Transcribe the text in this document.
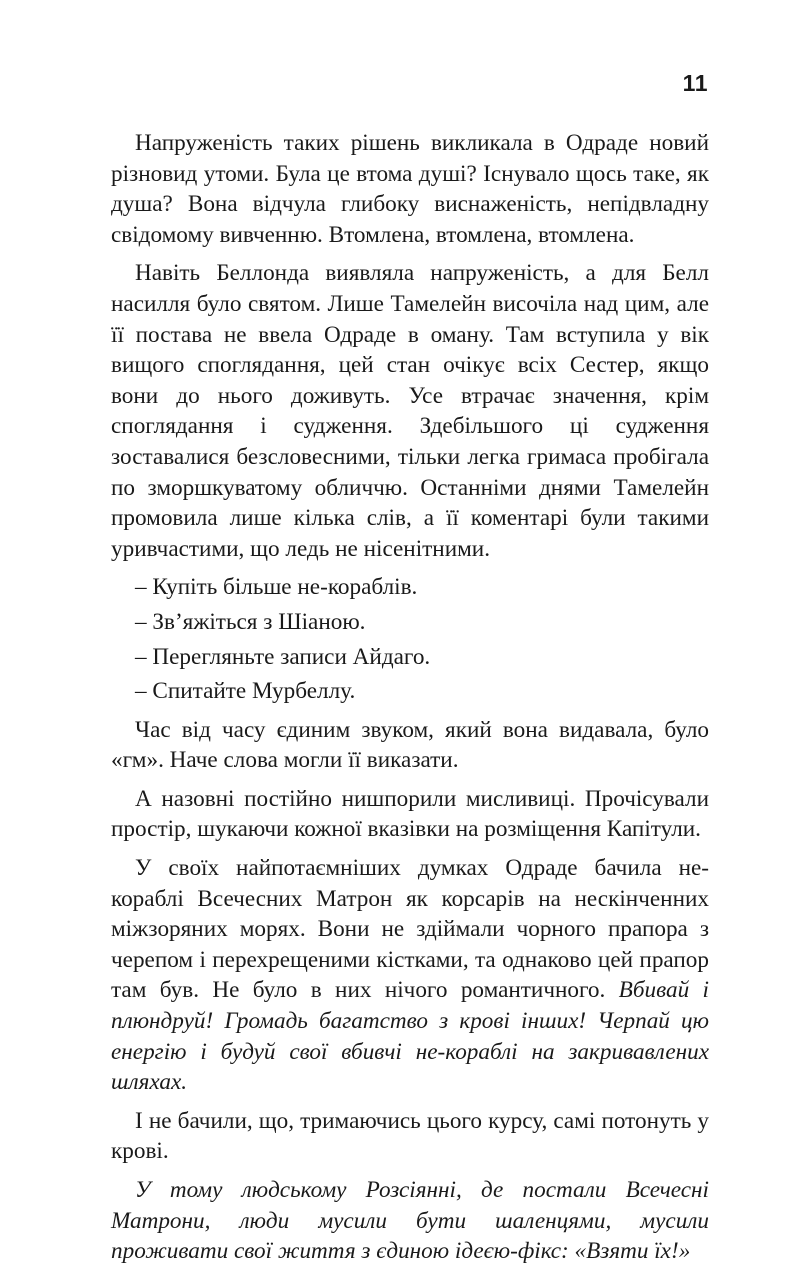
11

Напруженість таких рішень викликала в Одраде новий різновид утоми. Була це втома душі? Існувало щось таке, як душа? Вона відчула глибоку виснаженість, непідвладну свідомому вивченню. Втомлена, втомлена, втомлена.

Навіть Беллонда виявляла напруженість, а для Белл насилля було святом. Лише Тамелейн височіла над цим, але її постава не ввела Одраде в оману. Там вступила у вік вищого споглядання, цей стан очікує всіх Сестер, якщо вони до нього доживуть. Усе втрачає значення, крім споглядання і судження. Здебільшого ці судження зоставалися безсловесними, тільки легка гримаса пробігала по зморшкуватому обличчю. Останніми днями Тамелейн промовила лише кілька слів, а її коментарі були такими уривчастими, що ледь не нісенітними.

– Купіть більше не-кораблів.

– Зв’яжіться з Шіаною.

– Перегляньте записи Айдаго.

– Спитайте Мурбеллу.

Час від часу єдиним звуком, який вона видавала, було «гм». Наче слова могли її виказати.

А назовні постійно нишпорили мисливиці. Прочісували простір, шукаючи кожної вказівки на розміщення Капітули.

У своїх найпотаємніших думках Одраде бачила не-кораблі Всечесних Матрон як корсарів на нескінченних міжзоряних морях. Вони не здіймали чорного прапора з черепом і перехрещеними кістками, та однаково цей прапор там був. Не було в них нічого романтичного. Вбивай і плюндруй! Громадь багатство з крові інших! Черпай цю енергію і будуй свої вбивчі не-кораблі на закривавлених шляхах.

І не бачили, що, тримаючись цього курсу, самі потонуть у крові.

У тому людському Розсіянні, де постали Всечесні Матрони, люди мусили бути шаленцями, мусили проживати свої життя з єдиною ідеєю-фікс: «Взяти їх!»
